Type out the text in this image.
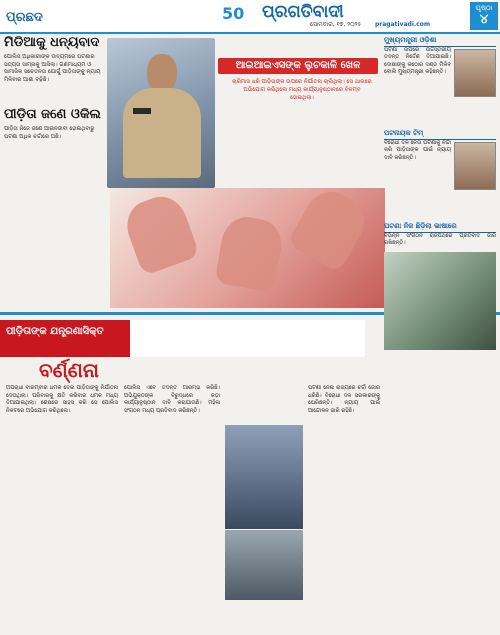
ପ୍ରଛଦ	50 ପ୍ରଗତିବାଦୀ
ସୋମବାର, ୧୭, ୨୦୨୫ pragativadi.com
ପୃଷ୍ଠା
୪
ମିଡିଆକୁ ଧନ୍ୟବାଦ
ପୋଲିସ ଅଧିକାରୀଙ୍କ ଉଦ୍ୟମରେ ଘଟଣାର ସତ୍ୟତା ସାମ୍ନାକୁ ଆସିଲା। ଗଣମାଧ୍ୟମ ଓ ସାମାଜିକ ସଚେତନତା ଯୋଗୁଁ ପୀଡ଼ିତାଙ୍କୁ ନ୍ୟାୟ ମିଳିବାର ଆଶା ବଢ଼ିଛି।
ପୀଡ଼ିତା ଜଣେ ଓକିଲ
ପୀଡ଼ିତା ନିଜେ ଜଣେ ଆଇନଜୀବୀ ହୋଇଥିବାରୁ ଘଟଣା ଅଧିକ ଚର୍ଚ୍ଚାରେ ଅଛି।
ଆଇଆଇଏସଙ୍କ ଲୁଚକାଳି ଖେଳ
ଚାରିମାସ ଧରି ପୀଡ଼ିତାଙ୍କ ଉପରେ ନିର୍ଯାତନା ଚାଲିଥିଲା। ସେ ଥାନାରେ ଅଭିଯୋଗ କରିଥିଲେ ମଧ୍ୟ କାର୍ଯ୍ୟାନୁଷ୍ଠାନରେ ବିଳମ୍ବ ହୋଇଥିଲା।
ପୀଡ଼ିତାଙ୍କ ଯନ୍ତ୍ରଣାସିକ୍ତ
ବର୍ଣ୍ଣନା
ଅପରାଧୀ ବାରମ୍ବାର ଧମକ ଦେଇ ପୀଡ଼ିତାଙ୍କୁ ନିର୍ଯାତନା ଦେଉଥିଲା। ପରିବାରକୁ କ୍ଷତି କରିବାର ଧମକ ମଧ୍ୟ ଦିଆଯାଇଥିଲା। ଶେଷରେ ସାହସ କରି ସେ ପୋଲିସ ନିକଟରେ ଅଭିଯୋଗ କରିଥିଲେ।
ପୋଲିସ ଏବେ ତଦନ୍ତ ଆରମ୍ଭ କରିଛି। ଅଭିଯୁକ୍ତଙ୍କ ବିରୁଦ୍ଧରେ କଡ଼ା କାର୍ଯ୍ୟାନୁଷ୍ଠାନ ଦାବି କରାଯାଉଛି। ମହିଳା ସଂଗଠନ ମଧ୍ୟ ପ୍ରତିବାଦ କରିଛନ୍ତି।
ଘଟଣା ନେଇ ରାଜ୍ୟରେ ଚର୍ଚ୍ଚା ଜୋର ଧରିଛି। ବିରୋଧୀ ଦଳ ସରକାରଙ୍କୁ ଘେରିଛନ୍ତି। ନ୍ୟାୟ ପାଇଁ ଆନ୍ଦୋଳନ ଜାରି ରହିଛି।
ମୁଖ୍ୟମନ୍ତ୍ରୀ ଓଡ଼ିଶା
ଘଟଣା ଉପରେ ଉଚ୍ଚସ୍ତରୀୟ ତଦନ୍ତ ନିର୍ଦ୍ଦେଶ ଦିଆଯାଇଛି। ଦୋଷୀଙ୍କୁ କଠୋର ଦଣ୍ଡ ମିଳିବ ବୋଲି ମୁଖ୍ୟମନ୍ତ୍ରୀ କହିଛନ୍ତି।
ପଟନାୟକ ଟିମ୍
ବିରୋଧୀ ଦଳ ନେତା ଘଟଣାକୁ ନିନ୍ଦା କରି ପୀଡ଼ିତାଙ୍କ ପାଇଁ ନ୍ୟାୟ ଦାବି କରିଛନ୍ତି।
ଘଟଣା ନିଜ ଛିଡ଼ିଲା ଭାଷାରେ
ବିଭିନ୍ନ ସଂଗଠନ ରାଜପଥରେ ପ୍ରତିବାଦ ଜାରି ରଖିଛନ୍ତି।
